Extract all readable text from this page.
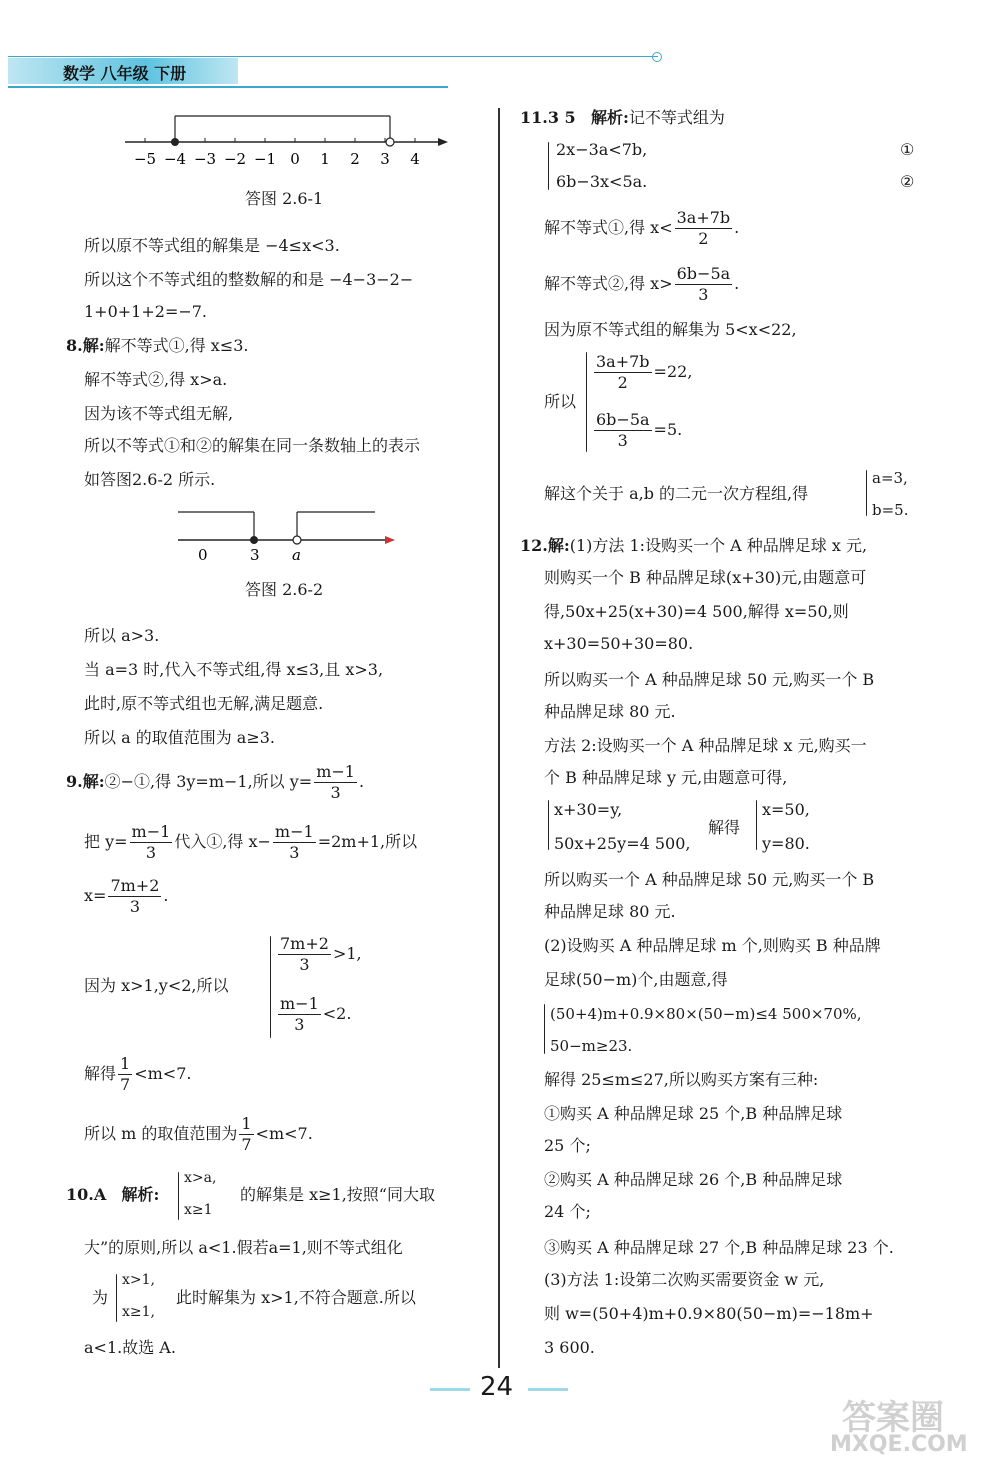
数学 八年级 下册
−5 −4 −3 −2 −1 0 1 2 3 4
答图 2.6-1
所以原不等式组的解集是 −4≤x<3.
所以这个不等式组的整数解的和是 −4−3−2−
1+0+1+2=−7.
8.解:解不等式①,得 x≤3.
解不等式②,得 x>a.
因为该不等式组无解,
所以不等式①和②的解集在同一条数轴上的表示
如答图2.6-2 所示.
0	3 a
答图 2.6-2
所以 a>3.
当 a=3 时,代入不等式组,得 x≤3,且 x>3,
此时,原不等式组也无解,满足题意.
所以 a 的取值范围为 a≥3.
9.解:②−①,得 3y=m−1,所以 $y= \frac{m-1}{3}$ .
把 $y= \frac{m-1}{3}$ 代入①,得 $x- \frac{m-1}{3} =2m+1$,所以
$x= \frac{7m+2}{3}$ .
因为 x>1,y<2,所以
$\frac{7m+2}{3} >1$,
$\frac{m-1}{3} <2$.
解得 $\frac{1}{7} <m<7$.
所以 m 的取值范围为 $\frac{1}{7} <m<7$.
10.A 解析:
x>a,
x≥1
的解集是 x≥1,按照“同大取
大”的原则,所以 a<1.假若a=1,则不等式组化
为
x>1,
x≥1,
此时解集为 x>1,不符合题意.所以
a<1.故选 A.
11.3 5 解析:记不等式组为
2x−3a<7b,
6b−3x<5a.
①
②
解不等式①,得 $x< \frac{3a+7b}{2}$ .
解不等式②,得 $x> \frac{6b-5a}{3}$ .
因为原不等式组的解集为 5<x<22,
所以
$\frac{3a+7b}{2} =22$,
$\frac{6b-5a}{3} =5$.
解这个关于 a,b 的二元一次方程组,得
a=3,
b=5.
12.解:(1)方法 1:设购买一个 A 种品牌足球 x 元,
则购买一个 B 种品牌足球(x+30)元,由题意可
得,50x+25(x+30)=4 500,解得 x=50,则
x+30=50+30=80.
所以购买一个 A 种品牌足球 50 元,购买一个 B
种品牌足球 80 元.
方法 2:设购买一个 A 种品牌足球 x 元,购买一
个 B 种品牌足球 y 元,由题意可得,
x+30=y,
50x+25y=4 500,
解得
x=50,
y=80.
所以购买一个 A 种品牌足球 50 元,购买一个 B
种品牌足球 80 元.
(2)设购买 A 种品牌足球 m 个,则购买 B 种品牌
足球(50−m)个,由题意,得
(50+4)m+0.9×80×(50−m)≤4 500×70%,
50−m≥23.
解得 25≤m≤27,所以购买方案有三种:
①购买 A 种品牌足球 25 个,B 种品牌足球
25 个;
②购买 A 种品牌足球 26 个,B 种品牌足球
24 个;
③购买 A 种品牌足球 27 个,B 种品牌足球 23 个.
(3)方法 1:设第二次购买需要资金 w 元,
则 w=(50+4)m+0.9×80(50−m)=−18m+
3 600.
24
答案圈
MXQE.COM
